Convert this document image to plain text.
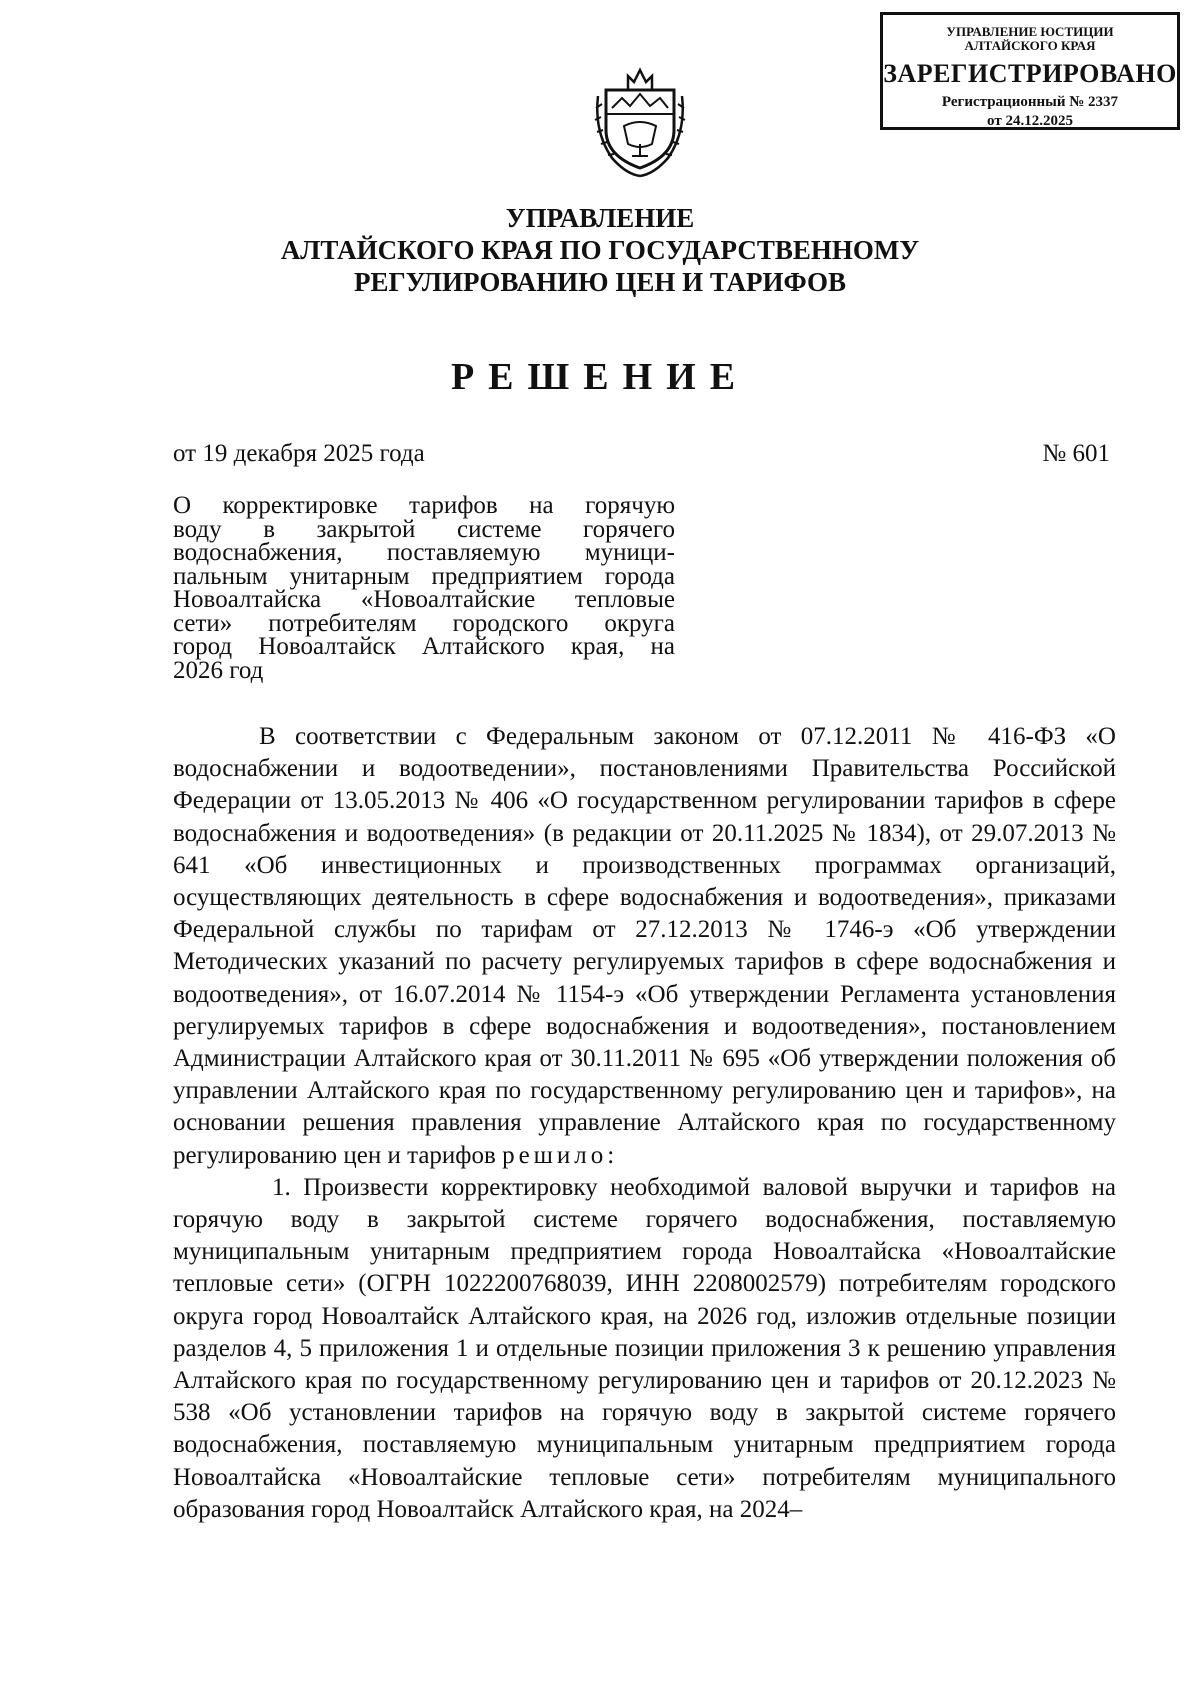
УПРАВЛЕНИЕ ЮСТИЦИИ
АЛТАЙСКОГО КРАЯ
ЗАРЕГИСТРИРОВАНО
Регистрационный № 2337
от 24.12.2025
УПРАВЛЕНИЕ
АЛТАЙСКОГО КРАЯ ПО ГОСУДАРСТВЕННОМУ
РЕГУЛИРОВАНИЮ ЦЕН И ТАРИФОВ
РЕШЕНИЕ
от 19 декабря 2025 года	№ 601
О корректировке тарифов на горячую
воду в закрытой системе горячего
водоснабжения, поставляемую муници-
пальным унитарным предприятием города
Новоалтайска «Новоалтайские тепловые
сети» потребителям городского округа
город Новоалтайск Алтайского края, на
2026 год

В соответствии с Федеральным законом от 07.12.2011 № 416-ФЗ «О водоснабжении и водоотведении», постановлениями Правительства Российской Федерации от 13.05.2013 № 406 «О государственном регулировании тарифов в сфере водоснабжения и водоотведения» (в редакции от 20.11.2025 № 1834), от 29.07.2013 № 641 «Об инвестиционных и производственных программах организаций, осуществляющих деятельность в сфере водоснабжения и водоотведения», приказами Федеральной службы по тарифам от 27.12.2013 № 1746-э «Об утверждении Методических указаний по расчету регулируемых тарифов в сфере водоснабжения и водоотведения», от 16.07.2014 № 1154-э «Об утверждении Регламента установления регулируемых тарифов в сфере водоснабжения и водоотведения», постановлением Администрации Алтайского края от 30.11.2011 № 695 «Об утверждении положения об управлении Алтайского края по государственному регулированию цен и тарифов», на основании решения правления управление Алтайского края по государственному регулированию цен и тарифов решило:

1. Произвести корректировку необходимой валовой выручки и тарифов на горячую воду в закрытой системе горячего водоснабжения, поставляемую муниципальным унитарным предприятием города Новоалтайска «Новоалтайские тепловые сети» (ОГРН 1022200768039, ИНН 2208002579) потребителям городского округа город Новоалтайск Алтайского края, на 2026 год, изложив отдельные позиции разделов 4, 5 приложения 1 и отдельные позиции приложения 3 к решению управления Алтайского края по государственному регулированию цен и тарифов от 20.12.2023 № 538 «Об установлении тарифов на горячую воду в закрытой системе горячего водоснабжения, поставляемую муниципальным унитарным предприятием города Новоалтайска «Новоалтайские тепловые сети» потребителям муниципального образования город Новоалтайск Алтайского края, на 2024–
